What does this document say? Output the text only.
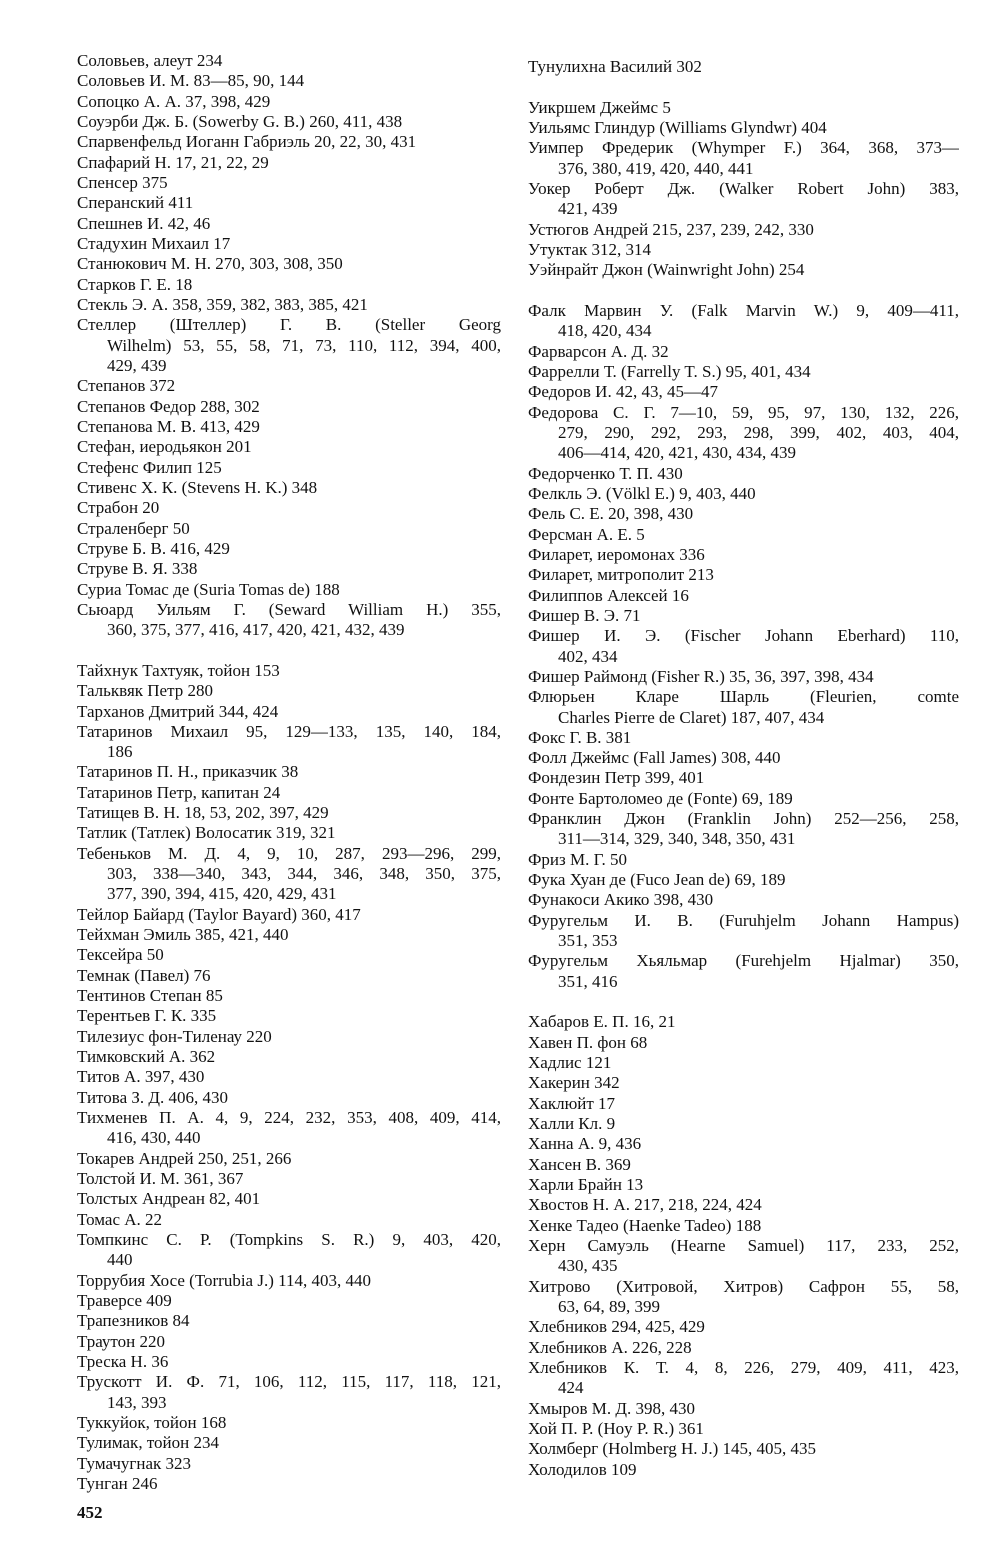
Соловьев, алеут 234
Соловьев И. М. 83—85, 90, 144
Сопоцко А. А. 37, 398, 429
Соуэрби Дж. Б. (Sowerby G. B.) 260, 411, 438
Спарвенфельд Иоганн Габриэль 20, 22, 30, 431
Спафарий Н. 17, 21, 22, 29
Спенсер 375
Сперанский 411
Спешнев И. 42, 46
Стадухин Михаил 17
Станюкович М. Н. 270, 303, 308, 350
Старков Г. Е. 18
Стекль Э. А. 358, 359, 382, 383, 385, 421
Стеллер (Штеллер) Г. В. (Steller Georg
Wilhelm) 53, 55, 58, 71, 73, 110, 112, 394, 400,
429, 439
Степанов 372
Степанов Федор 288, 302
Степанова М. В. 413, 429
Стефан, иеродьякон 201
Стефенс Филип 125
Стивенс Х. К. (Stevens H. K.) 348
Страбон 20
Страленберг 50
Струве Б. В. 416, 429
Струве В. Я. 338
Суриа Томас де (Suria Tomas de) 188
Сьюард Уильям Г. (Seward William H.) 355,
360, 375, 377, 416, 417, 420, 421, 432, 439
Тайхнук Тахтуяк, тойон 153
Тальквяк Петр 280
Тарханов Дмитрий 344, 424
Татаринов Михаил 95, 129—133, 135, 140, 184,
186
Татаринов П. Н., приказчик 38
Татаринов Петр, капитан 24
Татищев В. Н. 18, 53, 202, 397, 429
Татлик (Татлек) Волосатик 319, 321
Тебеньков М. Д. 4, 9, 10, 287, 293—296, 299,
303, 338—340, 343, 344, 346, 348, 350, 375,
377, 390, 394, 415, 420, 429, 431
Тейлор Байард (Taylor Bayard) 360, 417
Тейхман Эмиль 385, 421, 440
Тексейра 50
Темнак (Павел) 76
Тентинов Степан 85
Терентьев Г. К. 335
Тилезиус фон-Тиленау 220
Тимковский А. 362
Титов А. 397, 430
Титова З. Д. 406, 430
Тихменев П. А. 4, 9, 224, 232, 353, 408, 409, 414,
416, 430, 440
Токарев Андрей 250, 251, 266
Толстой И. М. 361, 367
Толстых Андреан 82, 401
Томас А. 22
Томпкинс С. Р. (Tompkins S. R.) 9, 403, 420,
440
Торрубия Хосе (Torrubia J.) 114, 403, 440
Траверсе 409
Трапезников 84
Траутон 220
Треска Н. 36
Трускотт И. Ф. 71, 106, 112, 115, 117, 118, 121,
143, 393
Туккуйок, тойон 168
Тулимак, тойон 234
Тумачугнак 323
Тунган 246
Тунулихна Василий 302
Уикршем Джеймс 5
Уильямс Глиндур (Williams Glyndwr) 404
Уимпер Фредерик (Whymper F.) 364, 368, 373—
376, 380, 419, 420, 440, 441
Уокер Роберт Дж. (Walker Robert John) 383,
421, 439
Устюгов Андрей 215, 237, 239, 242, 330
Утуктак 312, 314
Уэйнрайт Джон (Wainwright John) 254
Фалк Марвин У. (Falk Marvin W.) 9, 409—411,
418, 420, 434
Фарварсон А. Д. 32
Фаррелли Т. (Farrelly T. S.) 95, 401, 434
Федоров И. 42, 43, 45—47
Федорова С. Г. 7—10, 59, 95, 97, 130, 132, 226,
279, 290, 292, 293, 298, 399, 402, 403, 404,
406—414, 420, 421, 430, 434, 439
Федорченко Т. П. 430
Фелкль Э. (Völkl E.) 9, 403, 440
Фель С. Е. 20, 398, 430
Ферсман А. Е. 5
Филарет, иеромонах 336
Филарет, митрополит 213
Филиппов Алексей 16
Фишер В. Э. 71
Фишер И. Э. (Fischer Johann Eberhard) 110,
402, 434
Фишер Раймонд (Fisher R.) 35, 36, 397, 398, 434
Флюрьен Кларе Шарль (Fleurien, comte
Charles Pierre de Claret) 187, 407, 434
Фокс Г. В. 381
Фолл Джеймс (Fall James) 308, 440
Фондезин Петр 399, 401
Фонте Бартоломео де (Fonte) 69, 189
Франклин Джон (Franklin John) 252—256, 258,
311—314, 329, 340, 348, 350, 431
Фриз М. Г. 50
Фука Хуан де (Fuco Jean de) 69, 189
Фунакоси Акико 398, 430
Фуругельм И. В. (Furuhjelm Johann Hampus)
351, 353
Фуругельм Хьяльмар (Furehjelm Hjalmar) 350,
351, 416
Хабаров Е. П. 16, 21
Хавен П. фон 68
Хадлис 121
Хакерин 342
Хаклюйт 17
Халли Кл. 9
Ханна А. 9, 436
Хансен В. 369
Харли Брайн 13
Хвостов Н. А. 217, 218, 224, 424
Хенке Тадео (Haenke Tadeo) 188
Херн Самуэль (Hearne Samuel) 117, 233, 252,
430, 435
Хитрово (Хитровой, Хитров) Сафрон 55, 58,
63, 64, 89, 399
Хлебников 294, 425, 429
Хлебников А. 226, 228
Хлебников К. Т. 4, 8, 226, 279, 409, 411, 423,
424
Хмыров М. Д. 398, 430
Хой П. Р. (Hoy P. R.) 361
Холмберг (Holmberg H. J.) 145, 405, 435
Холодилов 109
452
